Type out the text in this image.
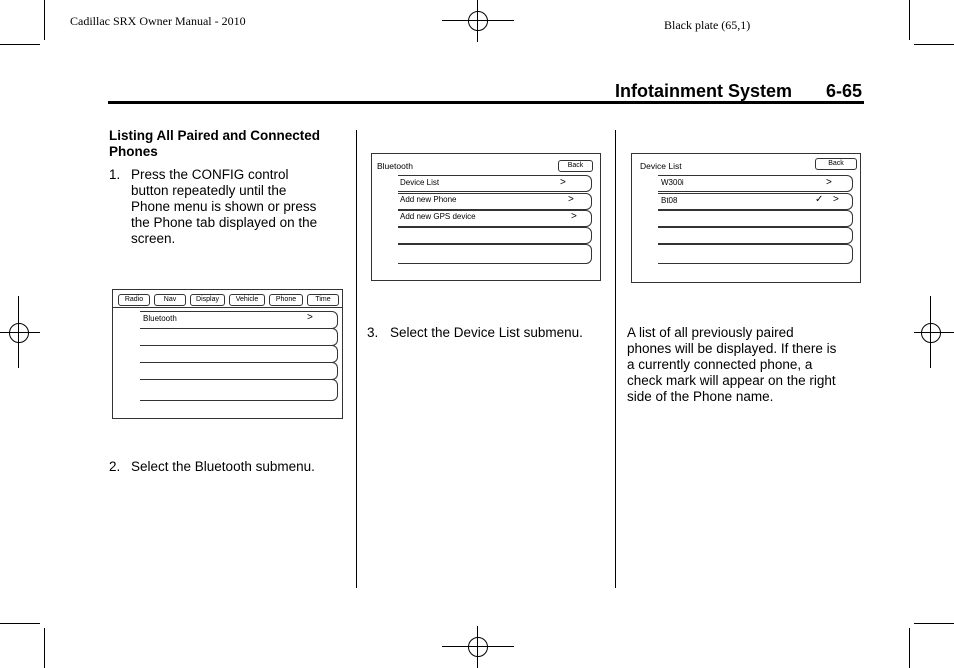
Cadillac SRX Owner Manual - 2010	Black plate (65,1)
Infotainment System 6-65
Listing All Paired and Connected Phones
1. Press the CONFIG control
button repeatedly until the
Phone menu is shown or press
the Phone tab displayed on the
screen.
Radio	Nav	Display	Vehicle	Phone	Time
Bluetooth	>
2. Select the Bluetooth submenu.
Bluetooth	Back
Device List	>
Add new Phone	>
Add new GPS device	>
3. Select the Device List submenu.
Device List	Back
W300i	>
Bt08	✓ >
A list of all previously paired
phones will be displayed. If there is
a currently connected phone, a
check mark will appear on the right
side of the Phone name.
